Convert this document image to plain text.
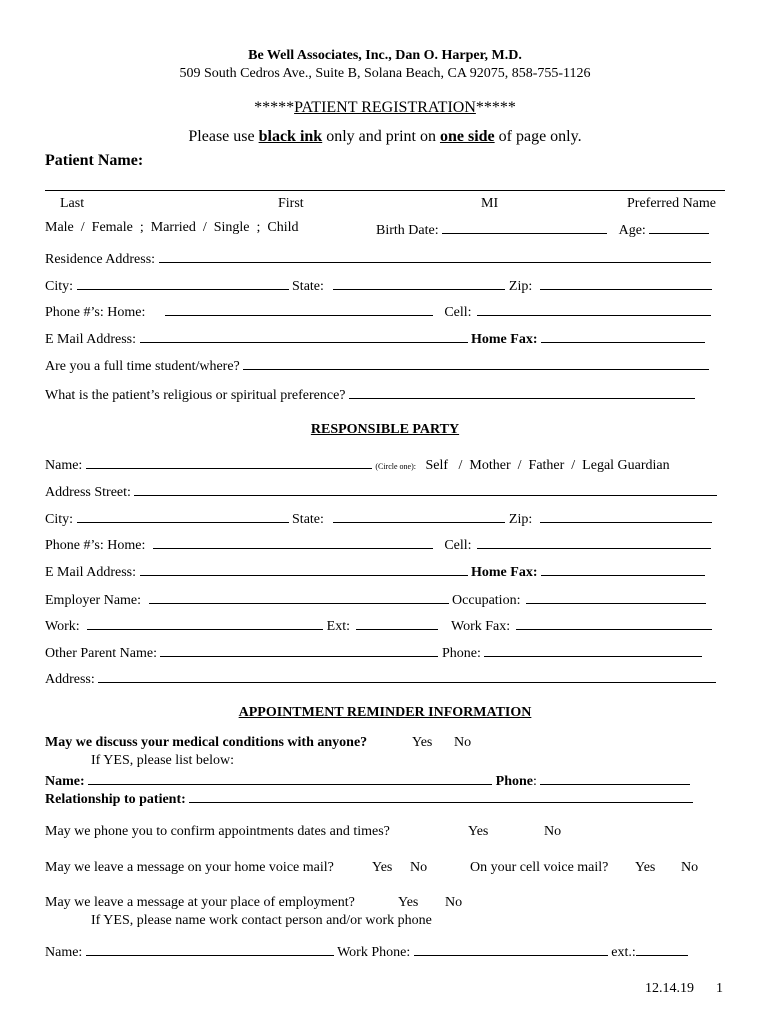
Be Well Associates, Inc., Dan O. Harper, M.D.
509 South Cedros Ave., Suite B, Solana Beach, CA 92075, 858-755-1126
*****PATIENT REGISTRATION*****
Please use black ink only and print on one side of page only.
Patient Name:
Last	First	MI	Preferred Name
Male  /  Female  ;  Married  /  Single  ;  Child	Birth Date:	Age:
Residence Address:
City:	State:	Zip:
Phone #’s: Home:	Cell:
E Mail Address:	Home Fax:
Are you a full time student/where?
What is the patient’s religious or spiritual preference?
RESPONSIBLE PARTY
Name:	(Circle one): Self   /  Mother  /  Father  /  Legal Guardian
Address Street:
City:	State:	Zip:
Phone #’s: Home:	Cell:
E Mail Address:	Home Fax:
Employer Name:	Occupation:
Work:	Ext:	Work Fax:
Other Parent Name:	Phone:
Address:
APPOINTMENT REMINDER INFORMATION
May we discuss your medical conditions with anyone?	Yes No
If YES, please list below:
Name:	Phone:
Relationship to patient:
May we phone you to confirm appointments dates and times?	Yes	No
May we leave a message on your home voice mail?	Yes No	On your cell voice mail? Yes No
May we leave a message at your place of employment?	Yes No
If YES, please name work contact person and/or work phone
Name:	Work Phone:	ext.:
12.14.19 1
